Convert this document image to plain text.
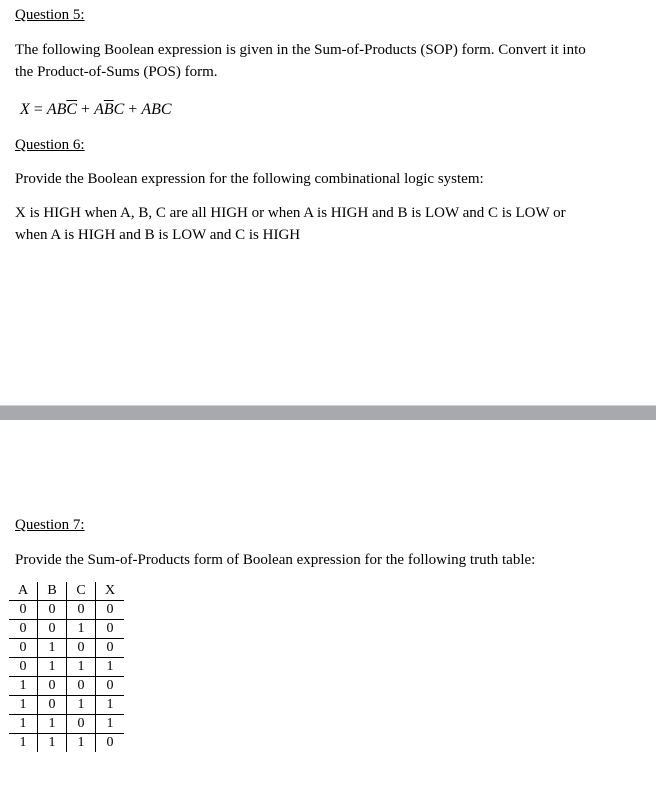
Question 5:
The following Boolean expression is given in the Sum-of-Products (SOP) form. Convert it into
the Product-of-Sums (POS) form.
$X = AB\overline{C} + A\overline{B}C$ + ABC
Question 6:
Provide the Boolean expression for the following combinational logic system:
X is HIGH when A, B, C are all HIGH or when A is HIGH and B is LOW and C is LOW or
when A is HIGH and B is LOW and C is HIGH
Question 7:
Provide the Sum-of-Products form of Boolean expression for the following truth table:
A	B	C	X
0	0	0	0
0	0	1	0
0	1	0	0
0	1	1	1
1	0	0	0
1	0	1	1
1	1	0	1
1	1	1	0
